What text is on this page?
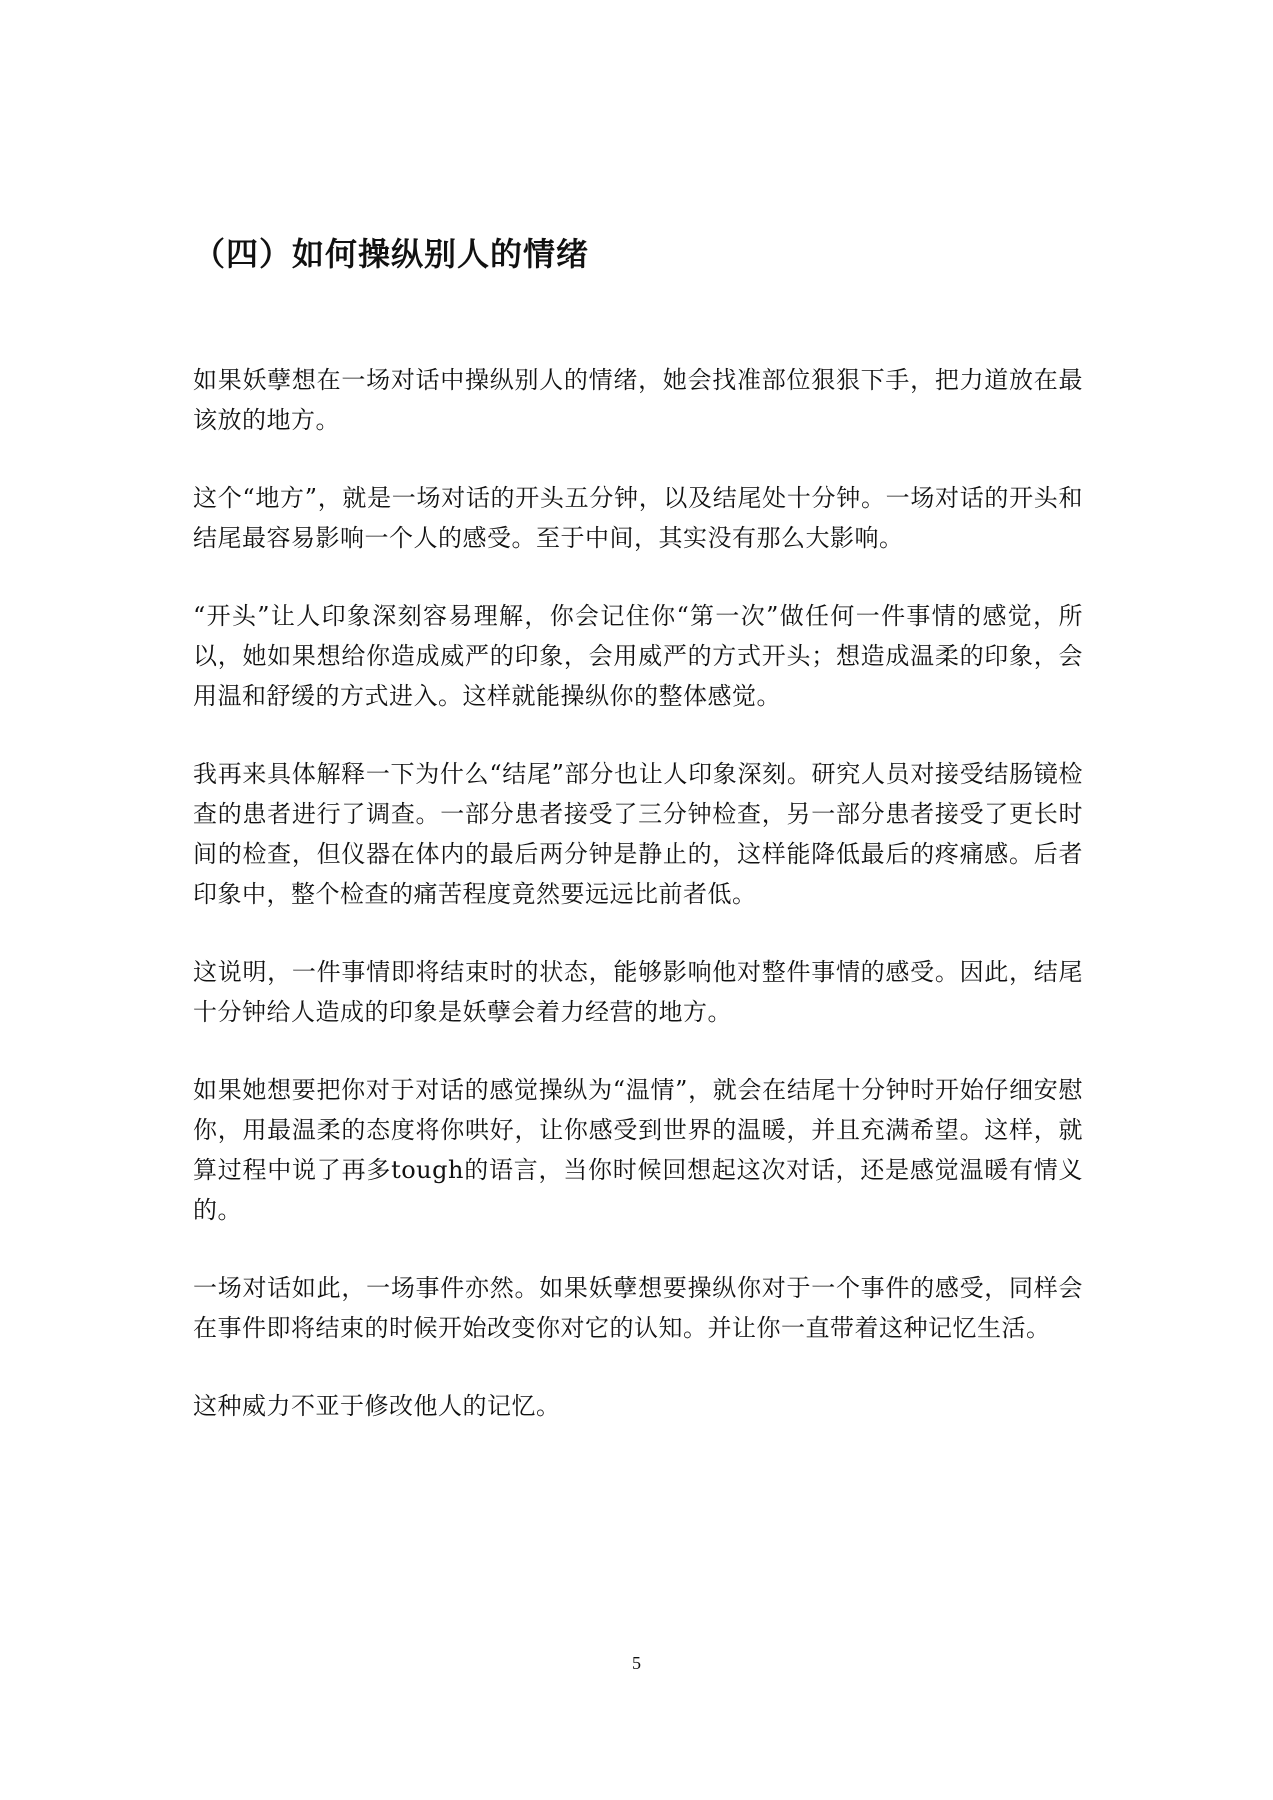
（四）如何操纵别人的情绪

如果妖孽想在一场对话中操纵别人的情绪，她会找准部位狠狠下手，把力道放在最该放的地方。

这个“地方”，就是一场对话的开头五分钟，以及结尾处十分钟。一场对话的开头和结尾最容易影响一个人的感受。至于中间，其实没有那么大影响。

“开头”让人印象深刻容易理解，你会记住你“第一次”做任何一件事情的感觉，所以，她如果想给你造成威严的印象，会用威严的方式开头；想造成温柔的印象，会用温和舒缓的方式进入。这样就能操纵你的整体感觉。

我再来具体解释一下为什么“结尾”部分也让人印象深刻。研究人员对接受结肠镜检查的患者进行了调查。一部分患者接受了三分钟检查，另一部分患者接受了更长时间的检查，但仪器在体内的最后两分钟是静止的，这样能降低最后的疼痛感。后者印象中，整个检查的痛苦程度竟然要远远比前者低。

这说明，一件事情即将结束时的状态，能够影响他对整件事情的感受。因此，结尾十分钟给人造成的印象是妖孽会着力经营的地方。

如果她想要把你对于对话的感觉操纵为“温情”，就会在结尾十分钟时开始仔细安慰你，用最温柔的态度将你哄好，让你感受到世界的温暖，并且充满希望。这样，就算过程中说了再多tough的语言，当你时候回想起这次对话，还是感觉温暖有情义的。

一场对话如此，一场事件亦然。如果妖孽想要操纵你对于一个事件的感受，同样会在事件即将结束的时候开始改变你对它的认知。并让你一直带着这种记忆生活。

这种威力不亚于修改他人的记忆。

5
